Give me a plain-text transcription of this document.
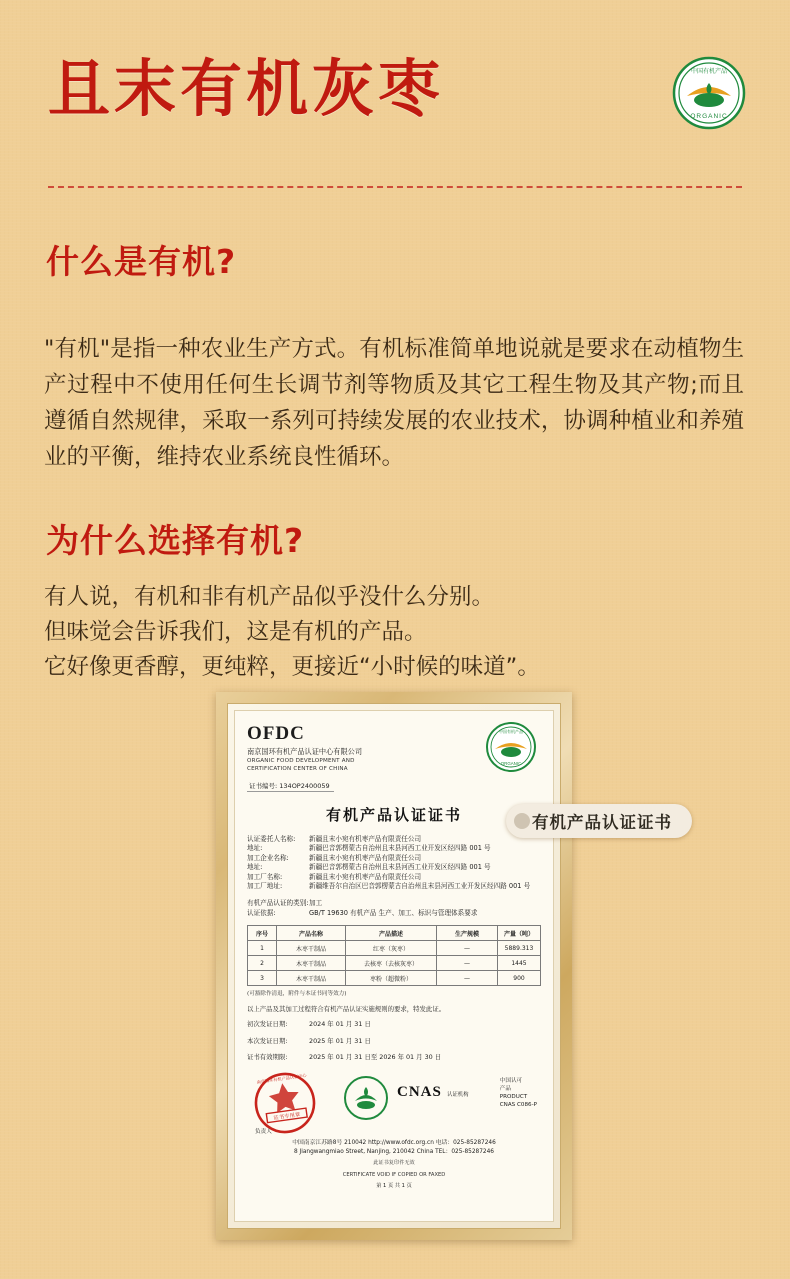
且末有机灰枣	中国有机产品
ORGANIC
什么是有机?

"有机"是指一种农业生产方式。有机标准简单地说就是要求在动植物生产过程中不使用任何生长调节剂等物质及其它工程生物及其产物;而且遵循自然规律，采取一系列可持续发展的农业技术，协调种植业和养殖业的平衡，维持农业系统良性循环。

为什么选择有机?
有人说，有机和非有机产品似乎没什么分别。
但味觉会告诉我们，这是有机的产品。
它好像更香醇，更纯粹，更接近“小时候的味道”。
OFDC
南京国环有机产品认证中心有限公司
ORGANIC FOOD DEVELOPMENT AND
CERTIFICATION CENTER OF CHINA
中国有机产品
ORGANIC
证书编号: 134OP2400059
有机产品认证证书
认证委托人名称:	新疆且末小宛有机枣产品有限责任公司
地址:	新疆巴音郭楞蒙古自治州且末县河西工业开发区经四路 001 号
加工企业名称:	新疆且末小宛有机枣产品有限责任公司
地址:	新疆巴音郭楞蒙古自治州且末县河西工业开发区经四路 001 号
加工厂名称:	新疆且末小宛有机枣产品有限责任公司
加工厂地址:	新疆维吾尔自治区巴音郭楞蒙古自治州且末县河西工业开发区经四路 001 号
有机产品认证的类别: 加工
认证依据:	GB/T 19630 有机产品 生产、加工、标识与管理体系要求
序号	产品名称	产品描述	生产规模	产量（吨）
1	木枣干制品	红枣（灰枣）	—	5889.313
2	木枣干制品	去核枣（去核灰枣）	—	1445
3	木枣干制品	枣粉（超微粉）	—	900
(可豁除作清退，附件与本证书同等效力)
以上产品及其加工过程符合有机产品认证实施规则的要求，特发此证。
初次发证日期:	2024 年 01 月 31 日
本次发证日期:	2025 年 01 月 31 日
证书有效期限:	2025 年 01 月 31 日至 2026 年 01 月 30 日
证书专用章
南京国环有机产品认证中心
CNAS 认证机构
中国认可
产品
PRODUCT
CNAS C086-P
负责人
中国南京江苏路8号 210042 http://www.ofdc.org.cn 电话：025-85287246
8 Jiangwangmiao Street, Nanjing, 210042 China TEL：025-85287246
此证书复印件无效
CERTIFICATE VOID IF COPIED OR FAXED
第 1 页 共 1 页
有机产品认证证书
